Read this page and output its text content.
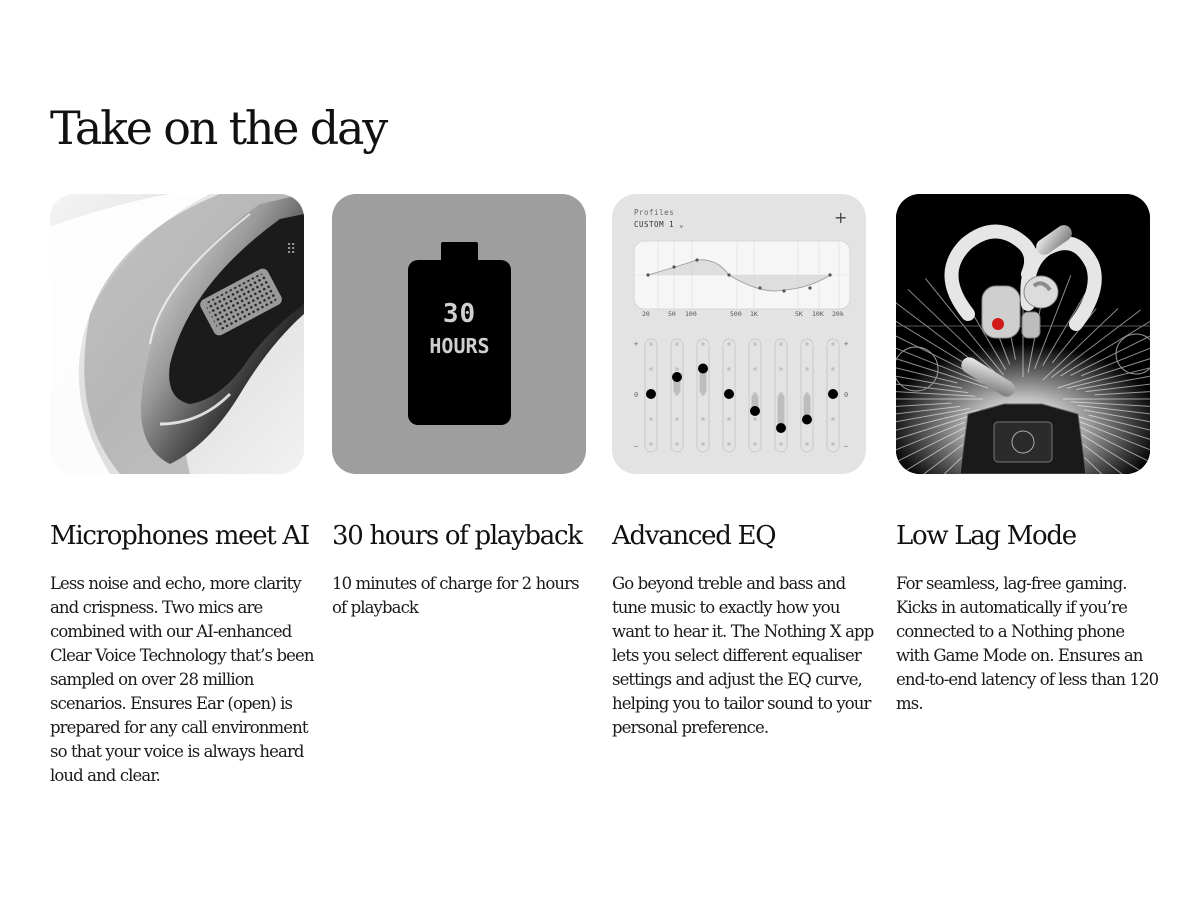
Take on the day
⠿
Microphones meet AI

Less noise and echo, more clarity and crispness. Two mics are combined with our AI-enhanced Clear Voice Technology that’s been sampled on over 28 million scenarios. Ensures Ear (open) is prepared for any call environment so that your voice is always heard loud and clear.

30
HOURS
30 hours of playback

10 minutes of charge for 2 hours of playback

Profiles
CUSTOM 1 ⌄	+
20	50 100	500 1K	5K 10K 20k
+
0
–
+
0
–
Advanced EQ

Go beyond treble and bass and tune music to exactly how you want to hear it. The Nothing X app lets you select different equaliser settings and adjust the EQ curve, helping you to tailor sound to your personal preference.

Low Lag Mode

For seamless, lag-free gaming. Kicks in automatically if you’re connected to a Nothing phone with Game Mode on. Ensures an end-to-end latency of less than 120 ms.
